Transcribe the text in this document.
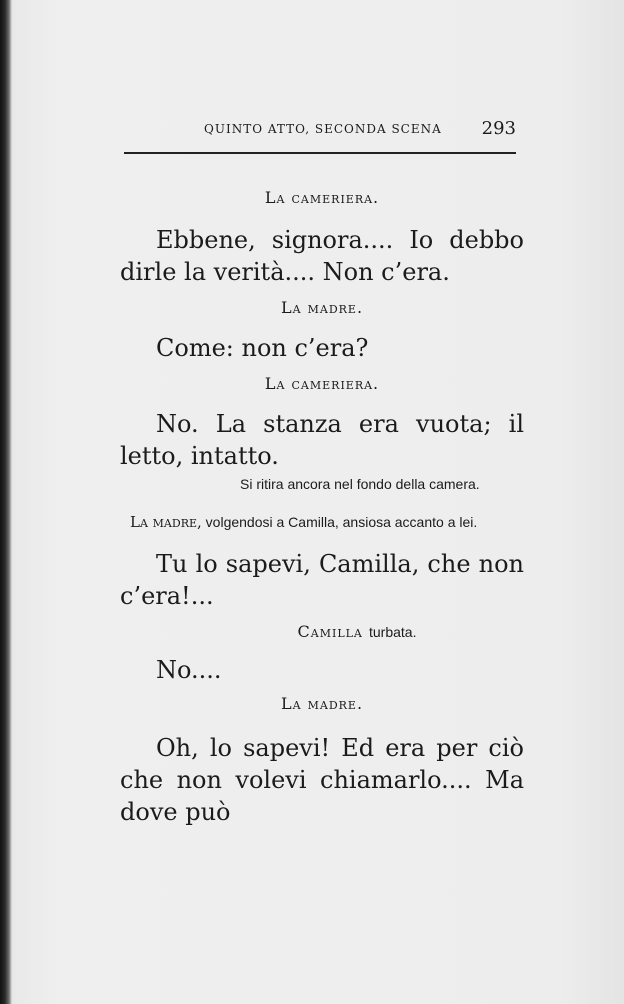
QUINTO ATTO, SECONDA SCENA 293

La cameriera.

Ebbene, signora.... Io debbo dirle la verità.... Non c’era.

La madre.

Come: non c’era?

La cameriera.

No. La stanza era vuota; il letto, intatto.

Si ritira ancora nel fondo della camera.

La madre, volgendosi a Camilla, ansiosa accanto a lei.

Tu lo sapevi, Camilla, che non c’era!...

Camilla turbata.

No....

La madre.

Oh, lo sapevi! Ed era per ciò che non volevi chiamarlo.... Ma dove può
